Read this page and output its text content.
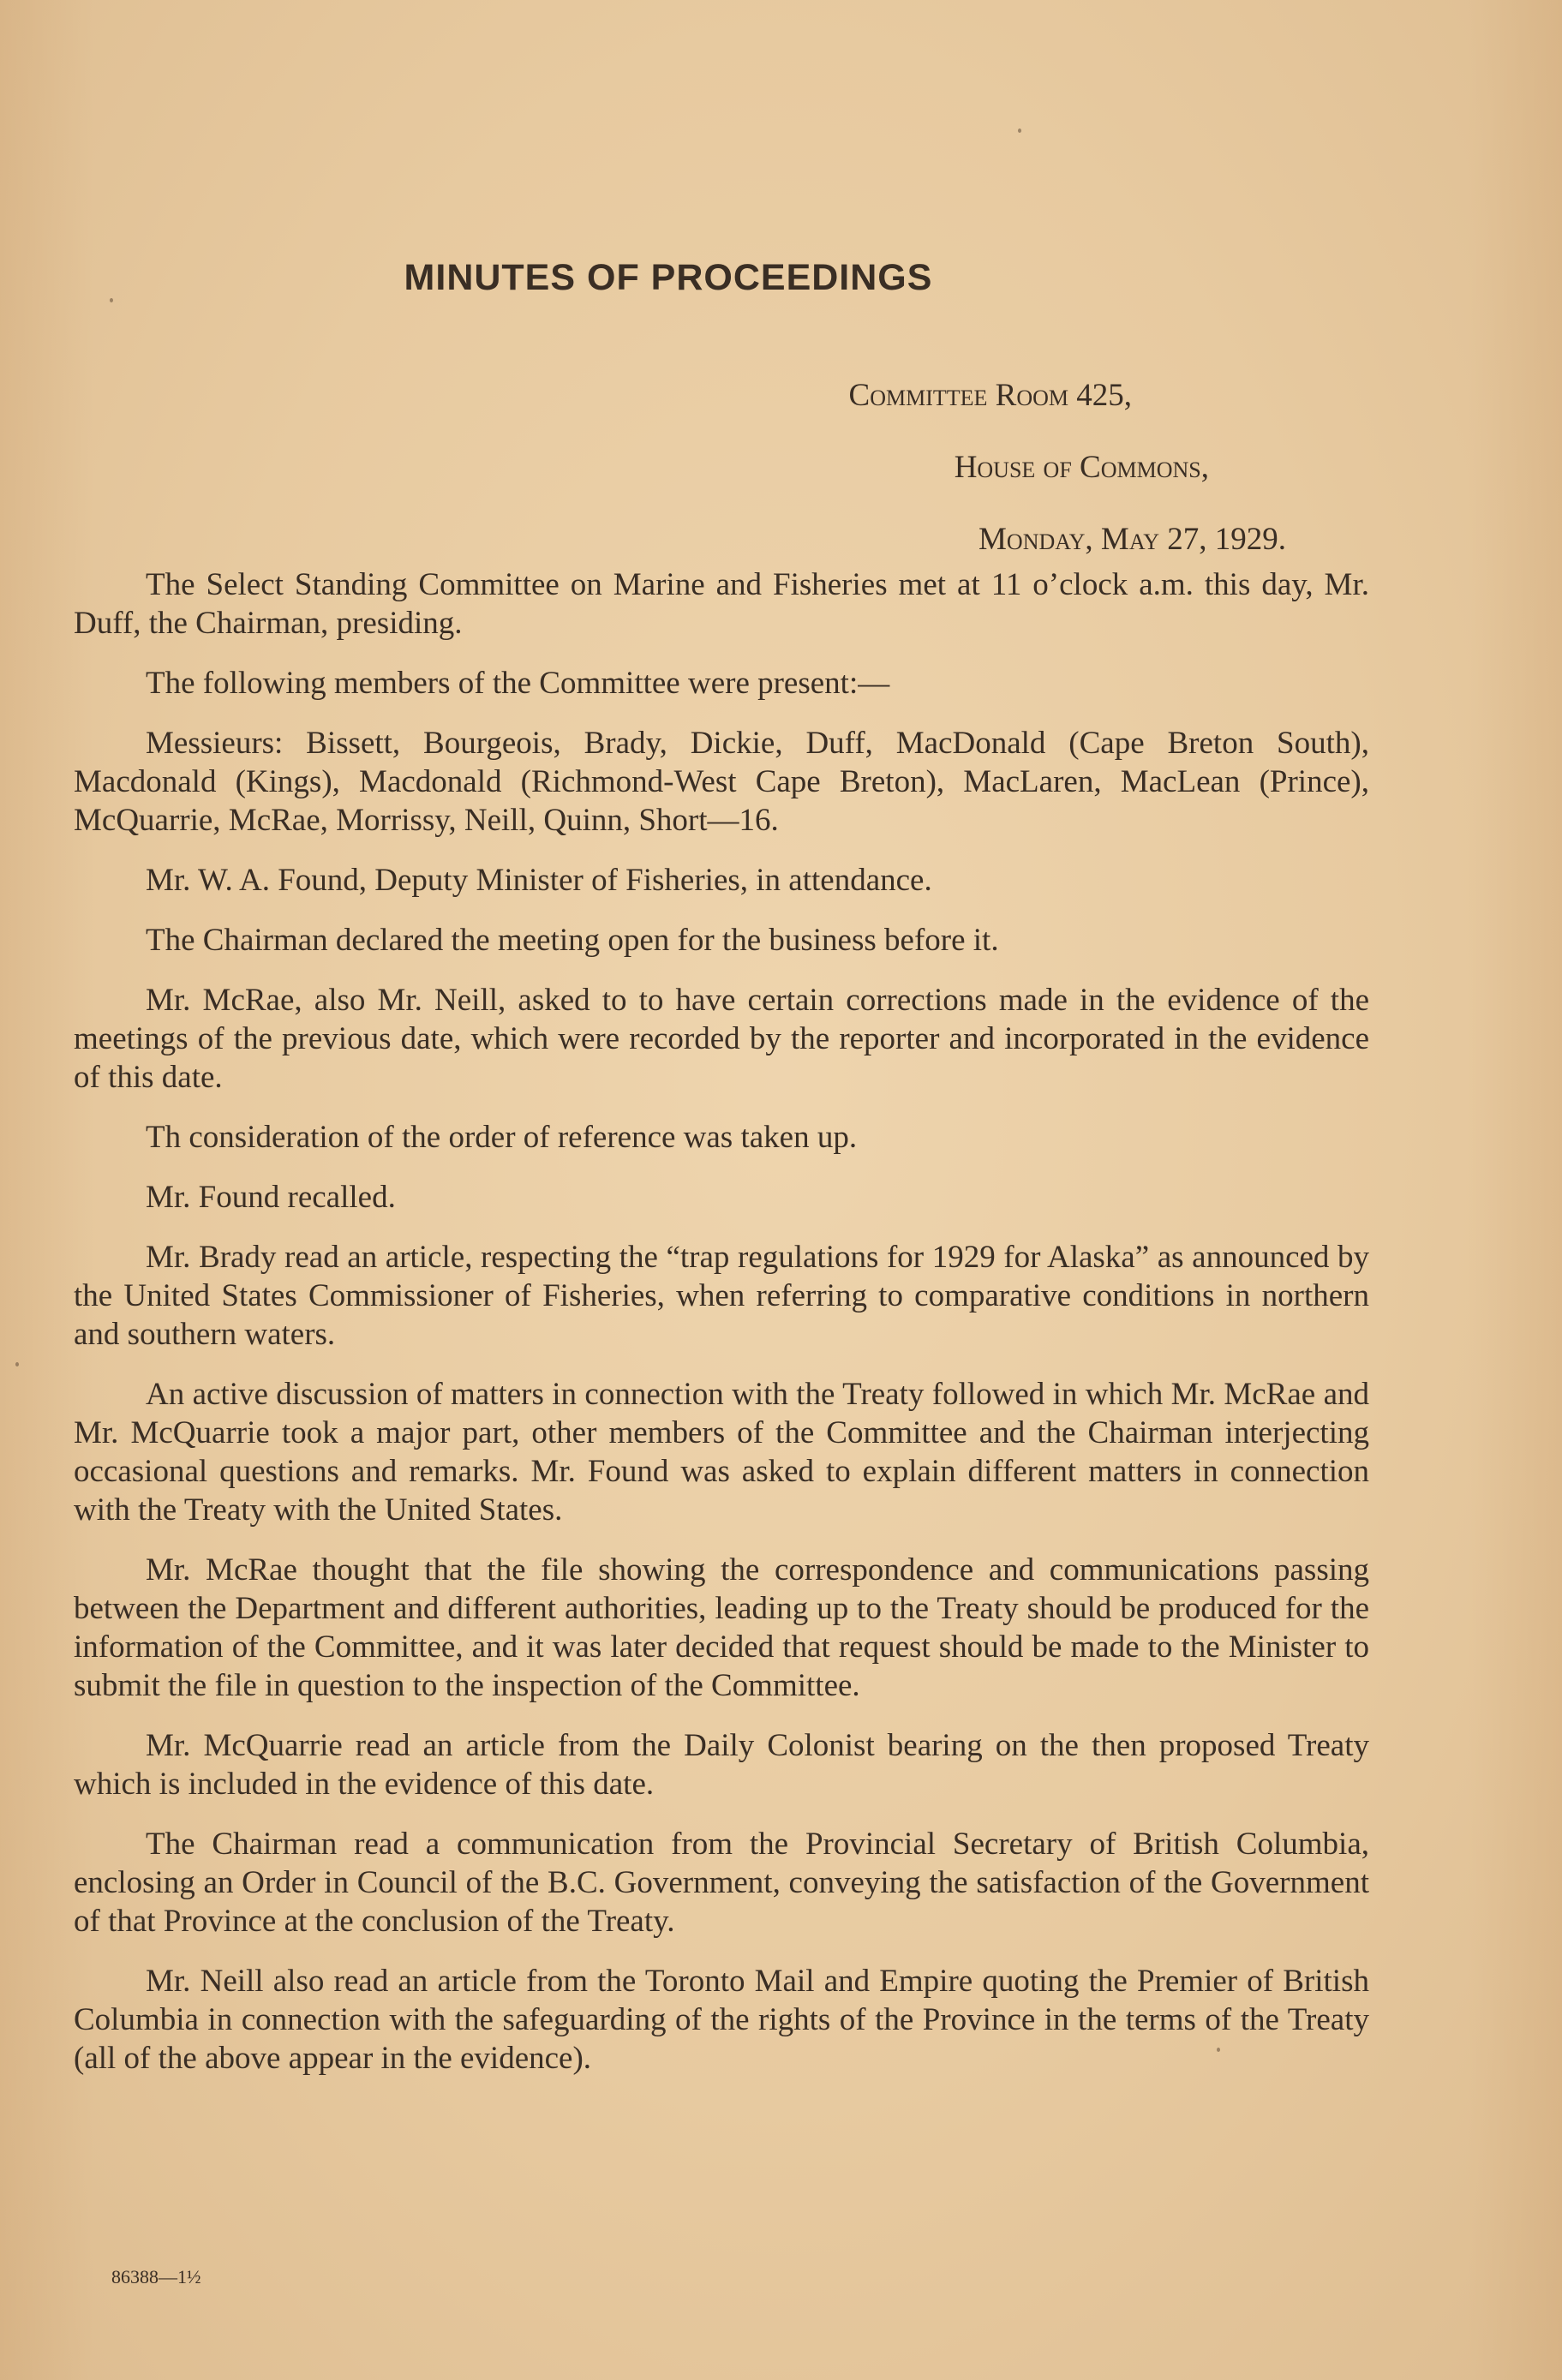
MINUTES OF PROCEEDINGS
Committee Room 425,
House of Commons,
Monday, May 27, 1929.

The Select Standing Committee on Marine and Fisheries met at 11 o’clock a.m. this day, Mr. Duff, the Chairman, presiding.

The following members of the Committee were present:—

Messieurs: Bissett, Bourgeois, Brady, Dickie, Duff, MacDonald (Cape Breton South), Macdonald (Kings), Macdonald (Richmond-West Cape Breton), MacLaren, MacLean (Prince), McQuarrie, McRae, Morrissy, Neill, Quinn, Short—16.

Mr. W. A. Found, Deputy Minister of Fisheries, in attendance.

The Chairman declared the meeting open for the business before it.

Mr. McRae, also Mr. Neill, asked to to have certain corrections made in the evidence of the meetings of the previous date, which were recorded by the reporter and incorporated in the evidence of this date.

Th consideration of the order of reference was taken up.

Mr. Found recalled.

Mr. Brady read an article, respecting the “trap regulations for 1929 for Alaska” as announced by the United States Commissioner of Fisheries, when referring to comparative conditions in northern and southern waters.

An active discussion of matters in connection with the Treaty followed in which Mr. McRae and Mr. McQuarrie took a major part, other members of the Committee and the Chairman interjecting occasional questions and remarks. Mr. Found was asked to explain different matters in connection with the Treaty with the United States.

Mr. McRae thought that the file showing the correspondence and communications passing between the Department and different authorities, leading up to the Treaty should be produced for the information of the Committee, and it was later decided that request should be made to the Minister to submit the file in question to the inspection of the Committee.

Mr. McQuarrie read an article from the Daily Colonist bearing on the then proposed Treaty which is included in the evidence of this date.

The Chairman read a communication from the Provincial Secretary of British Columbia, enclosing an Order in Council of the B.C. Government, conveying the satisfaction of the Government of that Province at the conclusion of the Treaty.

Mr. Neill also read an article from the Toronto Mail and Empire quoting the Premier of British Columbia in connection with the safeguarding of the rights of the Province in the terms of the Treaty (all of the above appear in the evidence).

86388—1½
